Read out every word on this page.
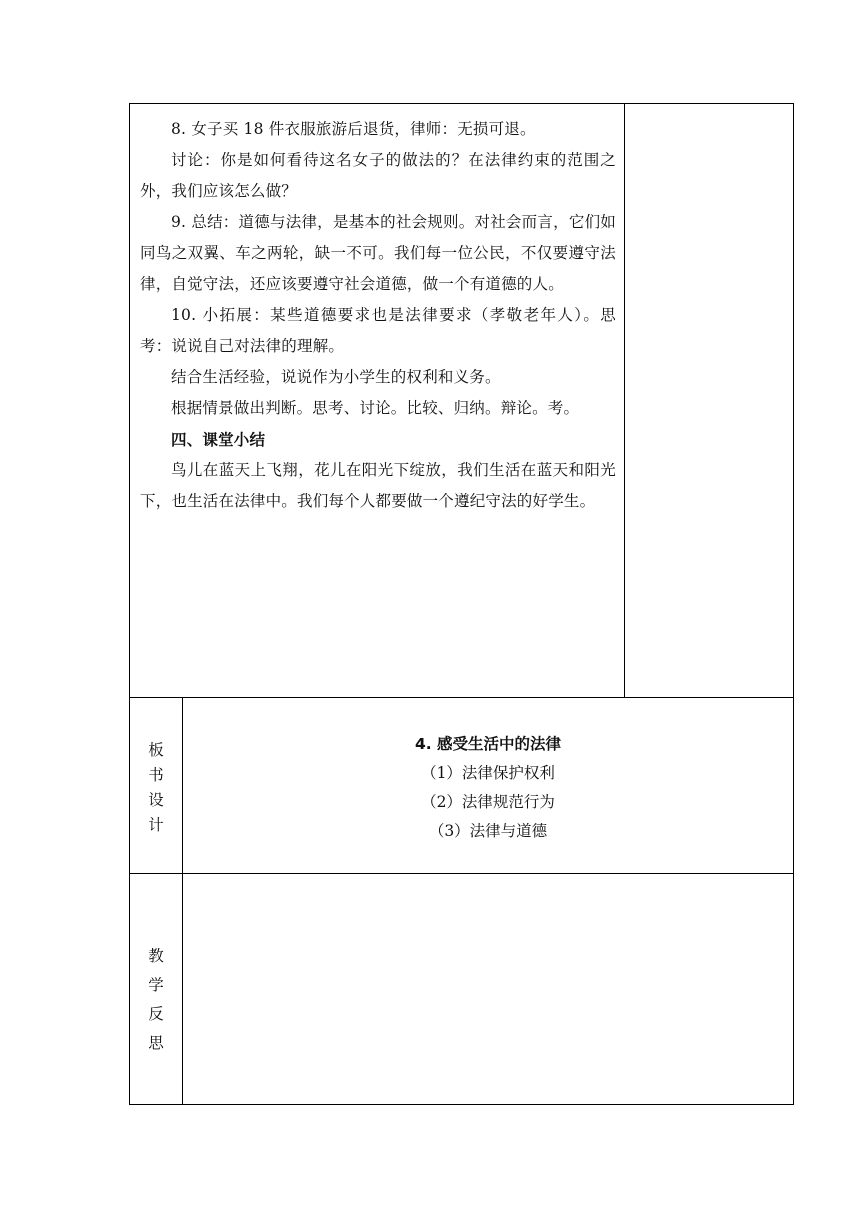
8. 女子买 18 件衣服旅游后退货，律师：无损可退。

讨论：你是如何看待这名女子的做法的？在法律约束的范围之外，我们应该怎么做？

9. 总结：道德与法律，是基本的社会规则。对社会而言，它们如同鸟之双翼、车之两轮，缺一不可。我们每一位公民，不仅要遵守法律，自觉守法，还应该要遵守社会道德，做一个有道德的人。

10. 小拓展：某些道德要求也是法律要求（孝敬老年人）。思考：说说自己对法律的理解。

结合生活经验，说说作为小学生的权利和义务。

根据情景做出判断。思考、讨论。比较、归纳。辩论。考。

四、课堂小结

鸟儿在蓝天上飞翔，花儿在阳光下绽放，我们生活在蓝天和阳光下，也生活在法律中。我们每个人都要做一个遵纪守法的好学生。

板
书
设
计
4. 感受生活中的法律
（1）法律保护权利
（2）法律规范行为
（3）法律与道德
教
学
反
思
